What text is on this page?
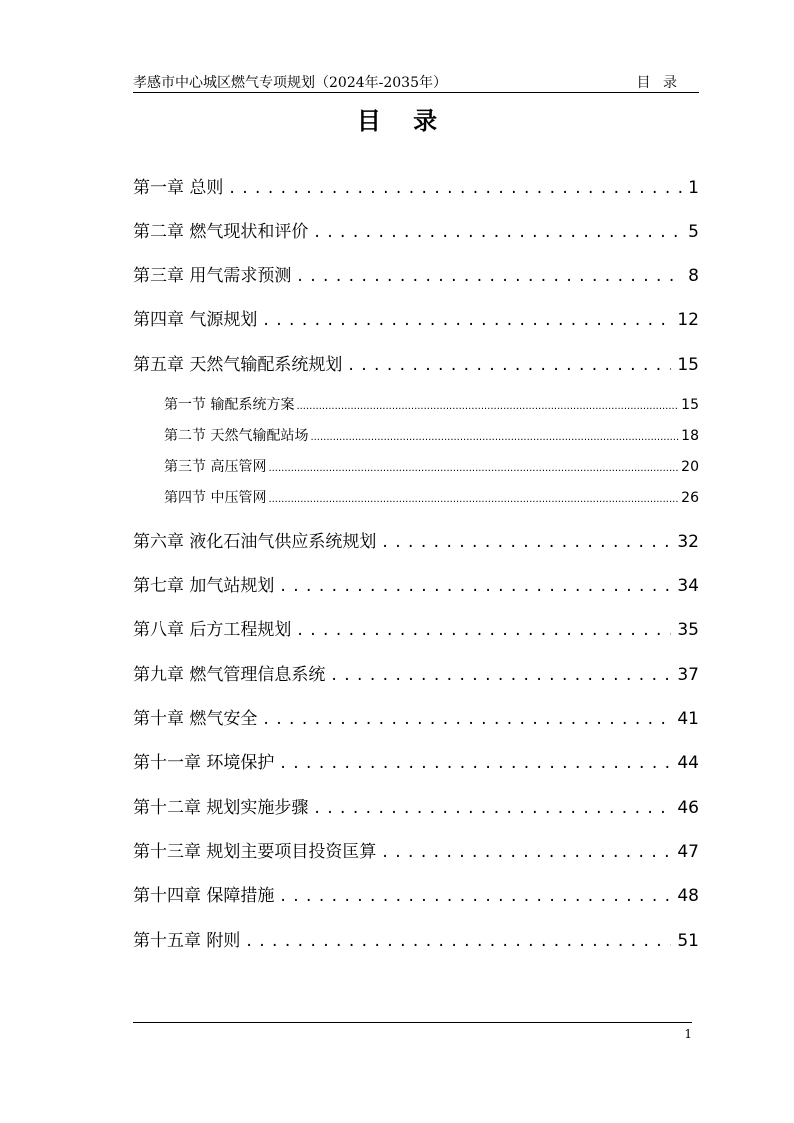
孝感市中心城区燃气专项规划（2024年-2035年）	目 录
目 录
第一章 总则 . . .	1
第二章 燃气现状和评价 . . .	5
第三章 用气需求预测 . . .	8
第四章 气源规划 . . .	12
第五章 天然气输配系统规划 . . .	15
第一节 输配系统方案 .....	15
第二节 天然气输配站场 .....	18
第三节 高压管网 .....	20
第四节 中压管网 .....	26
第六章 液化石油气供应系统规划 . . .	32
第七章 加气站规划 . . .	34
第八章 后方工程规划 . . .	35
第九章 燃气管理信息系统 . . .	37
第十章 燃气安全 . . .	41
第十一章 环境保护 . . .	44
第十二章 规划实施步骤 . . .	46
第十三章 规划主要项目投资匡算 . . .	47
第十四章 保障措施 . . .	48
第十五章 附则 . . .	51
1
